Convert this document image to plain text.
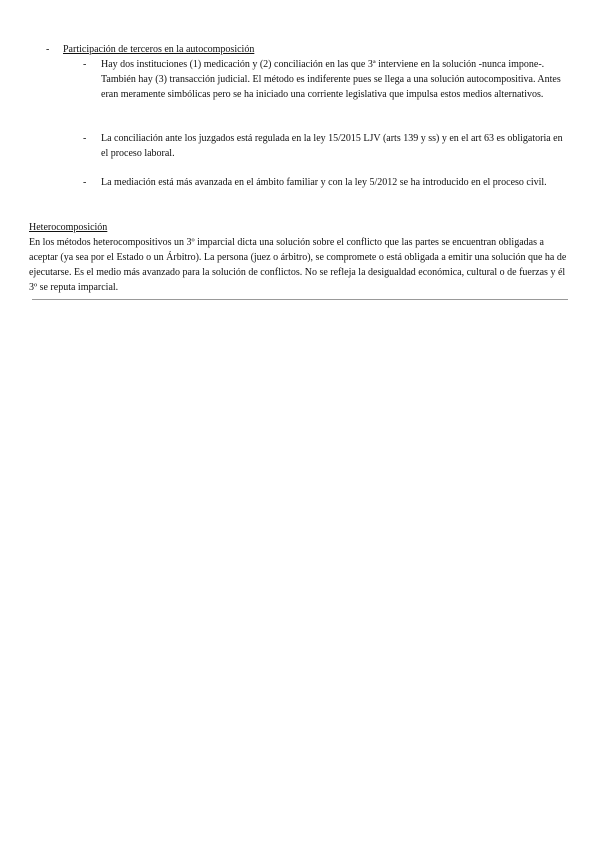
- Participación de terceros en la autocomposición
- Hay dos instituciones (1) medicación y (2) conciliación en las que 3ª interviene en la solución -nunca impone-. También hay (3) transacción judicial. El método es indiferente pues se llega a una solución autocompositiva. Antes eran meramente simbólicas pero se ha iniciado una corriente legislativa que impulsa estos medios alternativos.
- La conciliación ante los juzgados está regulada en la ley 15/2015 LJV (arts 139 y ss) y en el art 63 es obligatoria en el proceso laboral.
- La mediación está más avanzada en el ámbito familiar y con la ley 5/2012 se ha introducido en el proceso civil.
Heterocomposición
En los métodos heterocompositivos un 3º imparcial dicta una solución sobre el conflicto que las partes se encuentran obligadas a aceptar (ya sea por el Estado o un Árbitro). La persona (juez o árbitro), se compromete o está obligada a emitir una solución que ha de ejecutarse. Es el medio más avanzado para la solución de conflictos. No se refleja la desigualdad económica, cultural o de fuerzas y él 3º se reputa imparcial.
